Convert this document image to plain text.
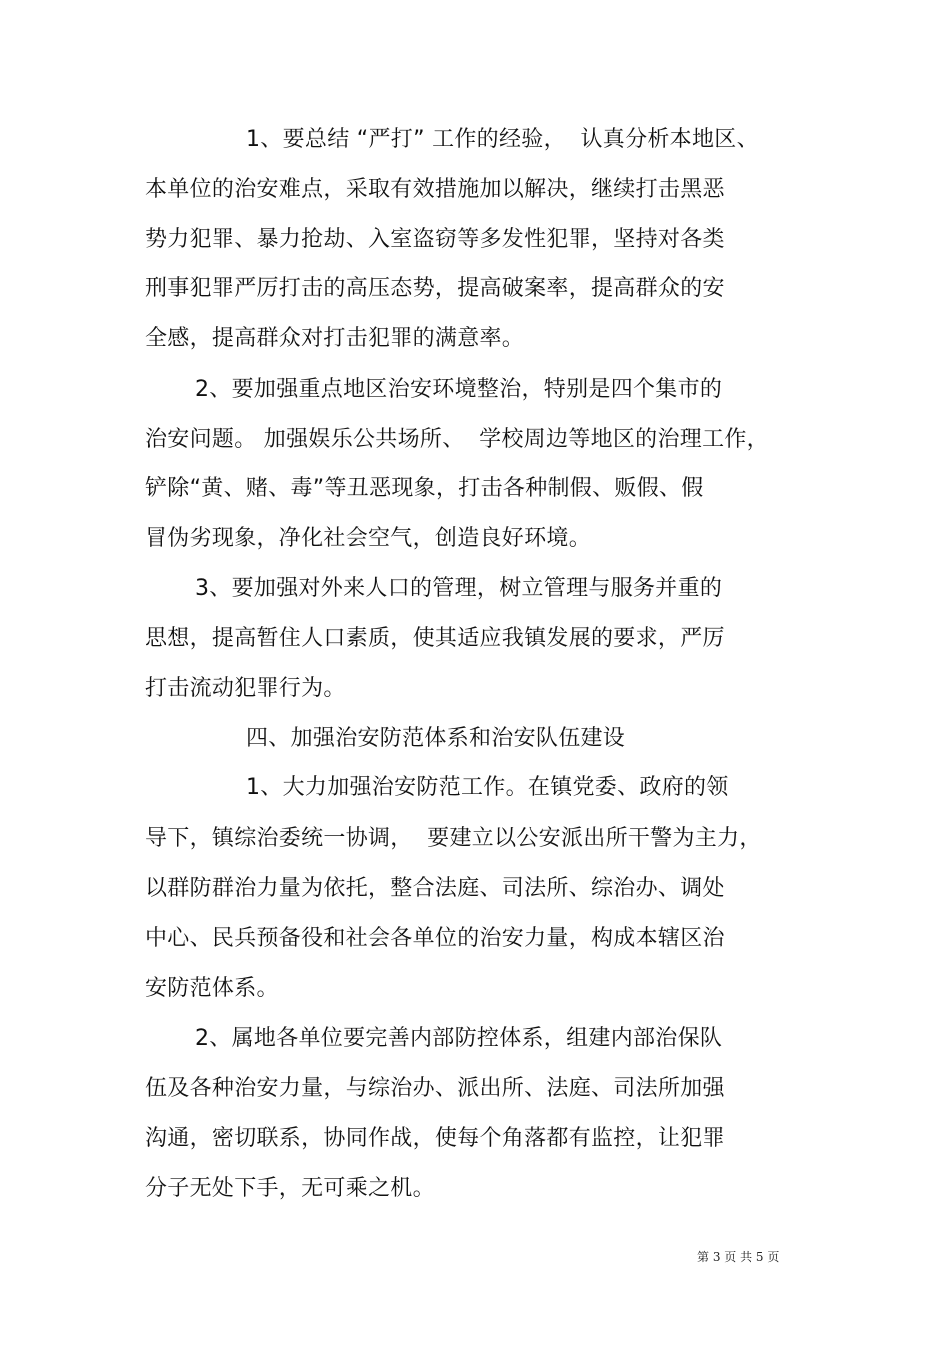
1、要总结 “严打” 工作的经验，  认真分析本地区、

本单位的治安难点，采取有效措施加以解决，继续打击黑恶

势力犯罪、暴力抢劫、入室盗窃等多发性犯罪，坚持对各类

刑事犯罪严厉打击的高压态势，提高破案率，提高群众的安

全感，提高群众对打击犯罪的满意率。

2、要加强重点地区治安环境整治，特别是四个集市的

治安问题。 加强娱乐公共场所、  学校周边等地区的治理工作，

铲除“黄、赌、毒”等丑恶现象，打击各种制假、贩假、假

冒伪劣现象，净化社会空气，创造良好环境。

3、要加强对外来人口的管理，树立管理与服务并重的

思想，提高暂住人口素质，使其适应我镇发展的要求，严厉

打击流动犯罪行为。

四、加强治安防范体系和治安队伍建设

1、大力加强治安防范工作。在镇党委、政府的领

导下，镇综治委统一协调，  要建立以公安派出所干警为主力，

以群防群治力量为依托，整合法庭、司法所、综治办、调处

中心、民兵预备役和社会各单位的治安力量，构成本辖区治

安防范体系。

2、属地各单位要完善内部防控体系，组建内部治保队

伍及各种治安力量，与综治办、派出所、法庭、司法所加强

沟通，密切联系，协同作战，使每个角落都有监控，让犯罪

分子无处下手，无可乘之机。

第 3 页 共 5 页
